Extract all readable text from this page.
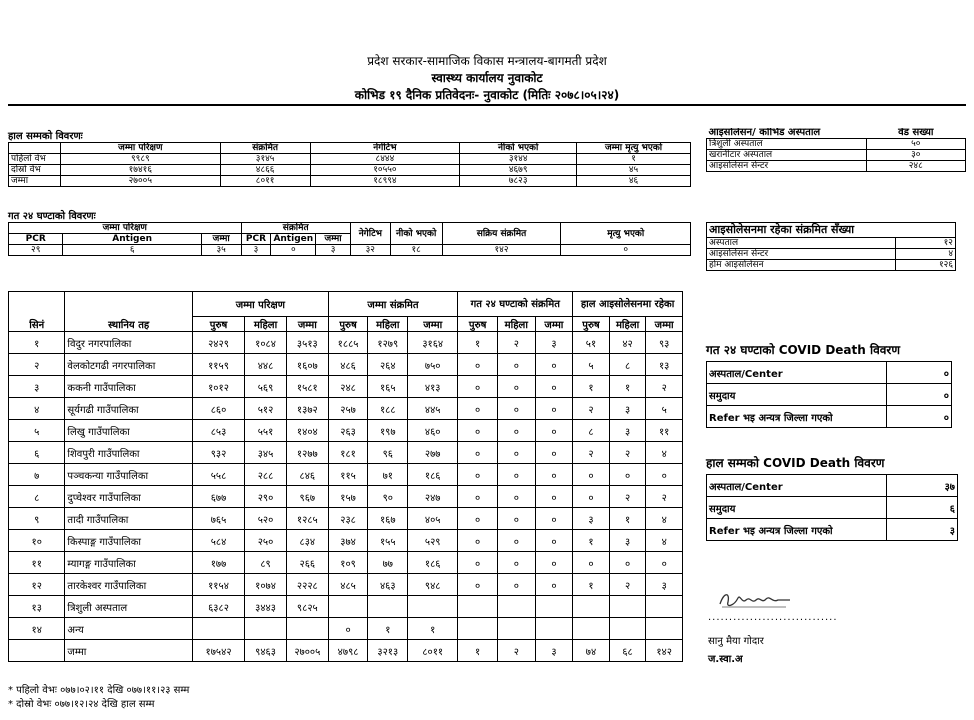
प्रदेश सरकार-सामाजिक विकास मन्त्रालय-बागमती प्रदेश
स्वास्थ्य कार्यालय नुवाकोट
कोभिड १९ दैनिक प्रतिवेदनः- नुवाकोट (मितिः २०७८।०५।२४)
हाल सम्मको विवरणः
	जम्मा परिक्षण	संक्रमित	नेगेटिभ	नीको भएको	जम्मा मृत्यु भएको
पहिलो वेभ	९९८९	३१४५	८४४४	३१४४	१
दोस्रो वेभ	१७४१६	४८६६	१०५५०	४६७९	४५
जम्मा	२७००५	८०११	१८९९४	७८२३	४६
आइसोलेसन/ कोभिड अस्पताल	वेड संख्या
त्रिशुली अस्पताल	५०
खरानीटार अस्पताल	३०
आइसोलेसन सेन्टर	२४८
गत २४ घण्टाको विवरणः
जम्मा परिक्षण			संक्रमित			नेगेटिभ	नीको भएको	सक्रिय संक्रमित	मृत्यु भएको
PCR	Antigen	जम्मा	PCR	Antigen	जम्मा				
२९	६	३५	३	०	३	३२	१८	१४२	०
आइसोलेसनमा रहेका संक्रमित सँख्या	
अस्पताल	१२
आइसोलेसन सेन्टर	४
होम आइसोलेसन	१२६
सिनं	स्थानिय तह	जम्मा परिक्षण			जम्मा संक्रमित			गत २४ घण्टाको संक्रमित			हाल आइसोलेसनमा रहेका		
		पुरुष	महिला	जम्मा	पुरुष	महिला	जम्मा	पुरुष	महिला	जम्मा	पुरुष	महिला	जम्मा
१	विदुर नगरपालिका	२४२९	१०८४	३५१३	१८८५	१२७९	३१६४	१	२	३	५१	४२	९३
२	वेलकोटगढी नगरपालिका	११५९	४४८	१६०७	४८६	२६४	७५०	०	०	०	५	८	१३
३	ककनी गाउँपालिका	१०१२	५६९	१५८१	२४८	१६५	४१३	०	०	०	१	१	२
४	सूर्यगढी गाउँपालिका	८६०	५१२	१३७२	२५७	१८८	४४५	०	०	०	२	३	५
५	लिखु गाउँपालिका	८५३	५५१	१४०४	२६३	१९७	४६०	०	०	०	८	३	११
६	शिवपुरी गाउँपालिका	९३२	३४५	१२७७	१८१	९६	२७७	०	०	०	२	२	४
७	पञ्चकन्या गाउँपालिका	५५८	२८८	८४६	११५	७१	१८६	०	०	०	०	०	०
८	दुप्चेश्वर गाउँपालिका	६७७	२९०	९६७	१५७	९०	२४७	०	०	०	०	२	२
९	तादी गाउँपालिका	७६५	५२०	१२८५	२३८	१६७	४०५	०	०	०	३	१	४
१०	किस्पाङ्ग गाउँपालिका	५८४	२५०	८३४	३७४	१५५	५२९	०	०	०	१	३	४
११	म्यागङ्ग गाउँपालिका	१७७	८९	२६६	१०९	७७	१८६	०	०	०	०	०	०
१२	तारकेश्वर गाउँपालिका	११५४	१०७४	२२२८	४८५	४६३	९४८	०	०	०	१	२	३
१३	त्रिशुली अस्पताल	६३८२	३४४३	९८२५									
१४	अन्य				०	१	१						
	जम्मा	१७५४२	९४६३	२७००५	४७९८	३२१३	८०११	१	२	३	७४	६८	१४२
गत २४ घण्टाको COVID Death विवरण
अस्पताल/Center	०
समुदाय	०
Refer भइ अन्यत्र जिल्ला गएको	०
हाल सम्मको COVID Death विवरण
अस्पताल/Center	३७
समुदाय	६
Refer भइ अन्यत्र जिल्ला गएको	३
...............................
सानु मैया गोदार
ज.स्वा.अ
* पहिलो वेभः ०७७।०२।११ देखि ०७७।११।२३ सम्म
* दोस्रो वेभः ०७७।१२।२४ देखि हाल सम्म
